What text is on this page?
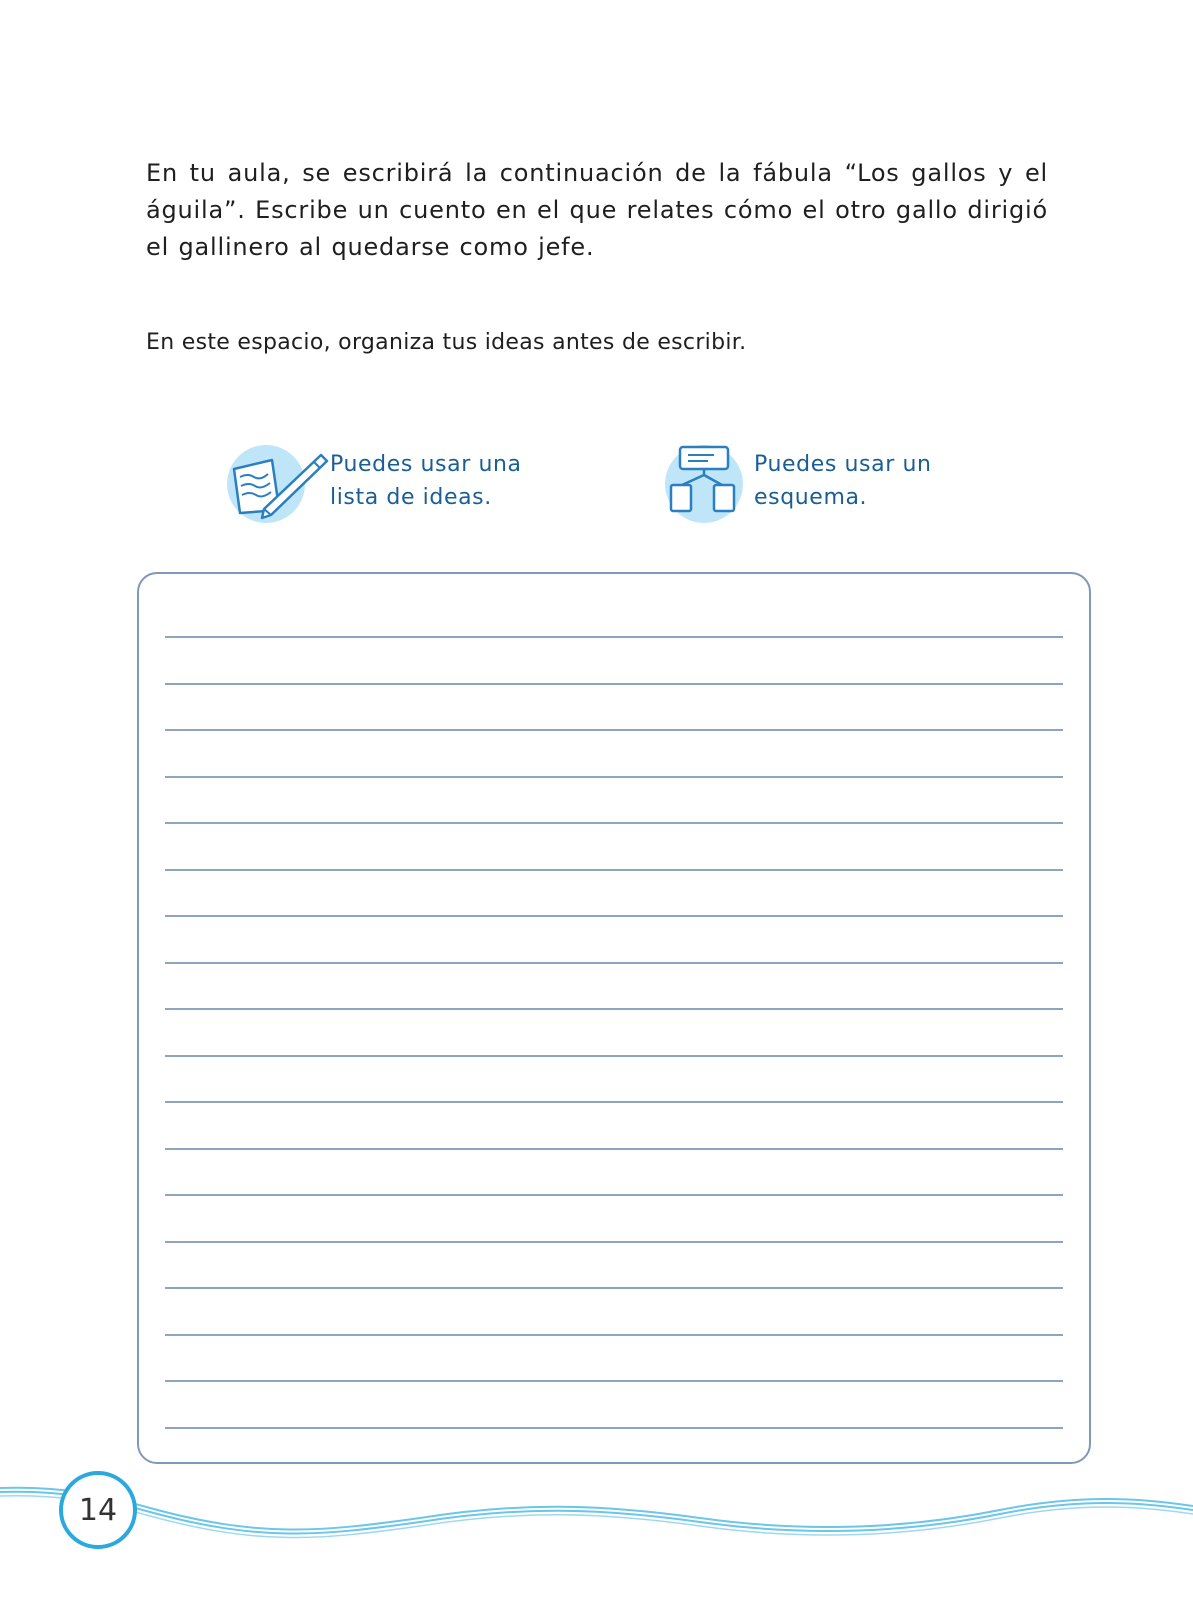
En tu aula, se escribirá la continuación de la fábula “Los gallos y el águila”. Escribe un cuento en el que relates cómo el otro gallo dirigió el gallinero al quedarse como jefe.

En este espacio, organiza tus ideas antes de escribir.

Puedes usar una
lista de ideas.
Puedes usar un
esquema.
14
